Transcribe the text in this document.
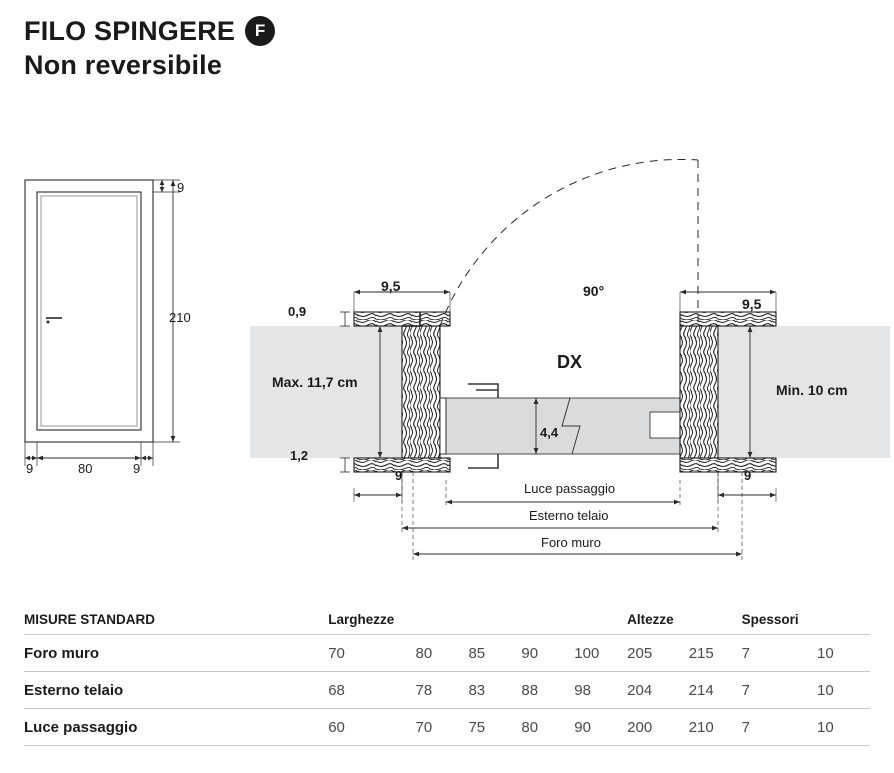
FILO SPINGERE	F
Non reversibile
9
210
9	80	9
9,5
9,5
0,9
1,2
90°
DX
Max. 11,7 cm	Min. 10 cm
4,4
9	9
Luce passaggio
Esterno telaio
Foro muro
MISURE STANDARD	Larghezze					Altezze		Spessori	
Foro muro	70	80	85	90	100	205	215	7	10
Esterno telaio	68	78	83	88	98	204	214	7	10
Luce passaggio	60	70	75	80	90	200	210	7	10
